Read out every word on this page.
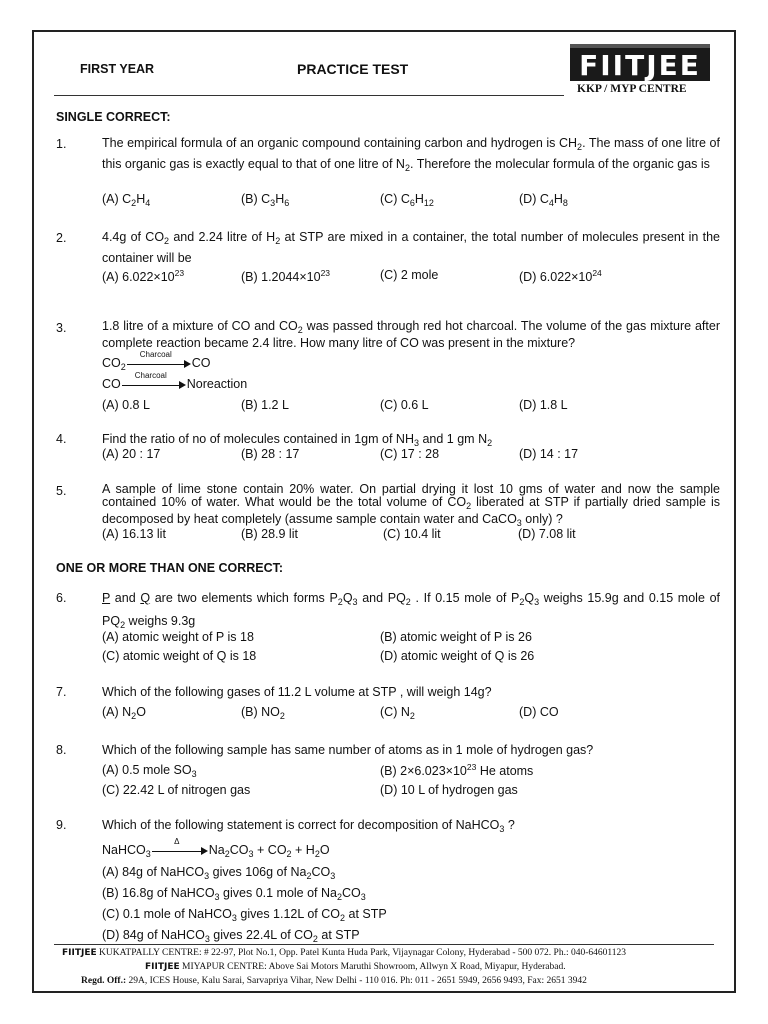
FIRST YEAR	PRACTICE TEST	FIITJEE
KKP / MYP CENTRE
SINGLE CORRECT:
1.	The empirical formula of an organic compound containing carbon and hydrogen is $CH_2$. The mass of one litre of this organic gas is exactly equal to that of one litre of $N_2$. Therefore the molecular formula of the organic gas is
(A) $C_2H_4$	(B) $C_3H_6$	(C) $C_6H_{12}$	(D) $C_4H_8$
2.	4.4g of $CO_2$ and 2.24 litre of $H_2$ at STP are mixed in a container, the total number of molecules present in the container will be
(A) $6.022\times 10^{23}$	(B) $1.2044\times 10^{23}$	(C) 2 mole	(D) $6.022\times 10^{24}$
3.	1.8 litre of a mixture of CO and $CO_2$ was passed through red hot charcoal. The volume of the gas mixture after complete reaction became 2.4 litre. How many litre of CO was present in the mixture?
$CO_2$
Charcoal
CO
CO
Charcoal
Noreaction
(A) 0.8 L	(B) 1.2 L	(C) 0.6 L	(D) 1.8 L
4.	Find the ratio of no of molecules contained in 1gm of $NH_3$ and 1 gm $N_2$
(A) 20 : 17	(B) 28 : 17	(C) 17 : 28	(D) 14 : 17
5.	A sample of lime stone contain 20% water. On partial drying it lost 10 gms of water and now the sample contained 10% of water. What would be the total volume of $CO_2$ liberated at STP if partially dried sample is decomposed by heat completely (assume sample contain water and CaCO$_3$ only) ?
(A) 16.13 lit	(B) 28.9 lit	(C) 10.4 lit	(D) 7.08 lit
ONE OR MORE THAN ONE CORRECT:
6.	P and Q are two elements which forms $P_2Q_3$ and $PQ_2$ . If 0.15 mole of $P_2Q_3$ weighs 15.9g and 0.15 mole of $PQ_2$ weighs 9.3g
(A) atomic weight of P is 18	(B) atomic weight of P is 26
(C) atomic weight of Q is 18	(D) atomic weight of Q is 26
7.	Which of the following gases of 11.2 L volume at STP , will weigh 14g?
(A) $N_2O$	(B) $NO_2$	(C) $N_2$	(D) CO
8.	Which of the following sample has same number of atoms as in 1 mole of hydrogen gas?
(A) 0.5 mole $SO_3$	(B) $2\times 6.023\times 10^{23}$ He atoms
(C) 22.42 L of nitrogen gas	(D) 10 L of hydrogen gas
9.	Which of the following statement is correct for decomposition of NaHCO$_3$ ?
NaHCO$_3$
Δ
$Na_2CO_3 + CO_2 + H_2O$
(A) 84g of NaHCO$_3$ gives 106g of $Na_2CO_3$
(B) 16.8g of NaHCO$_3$ gives 0.1 mole of $Na_2CO_3$
(C) 0.1 mole of NaHCO$_3$ gives 1.12L of $CO_2$ at STP
(D) 84g of NaHCO$_3$ gives 22.4L of $CO_2$ at STP
FIITJEE KUKATPALLY CENTRE: # 22-97, Plot No.1, Opp. Patel Kunta Huda Park, Vijaynagar Colony, Hyderabad - 500 072. Ph.: 040-64601123
FIITJEE MIYAPUR CENTRE: Above Sai Motors Maruthi Showroom, Allwyn X Road, Miyapur, Hyderabad.
Regd. Off.: 29A, ICES House, Kalu Sarai, Sarvapriya Vihar, New Delhi - 110 016. Ph: 011 - 2651 5949, 2656 9493, Fax: 2651 3942
